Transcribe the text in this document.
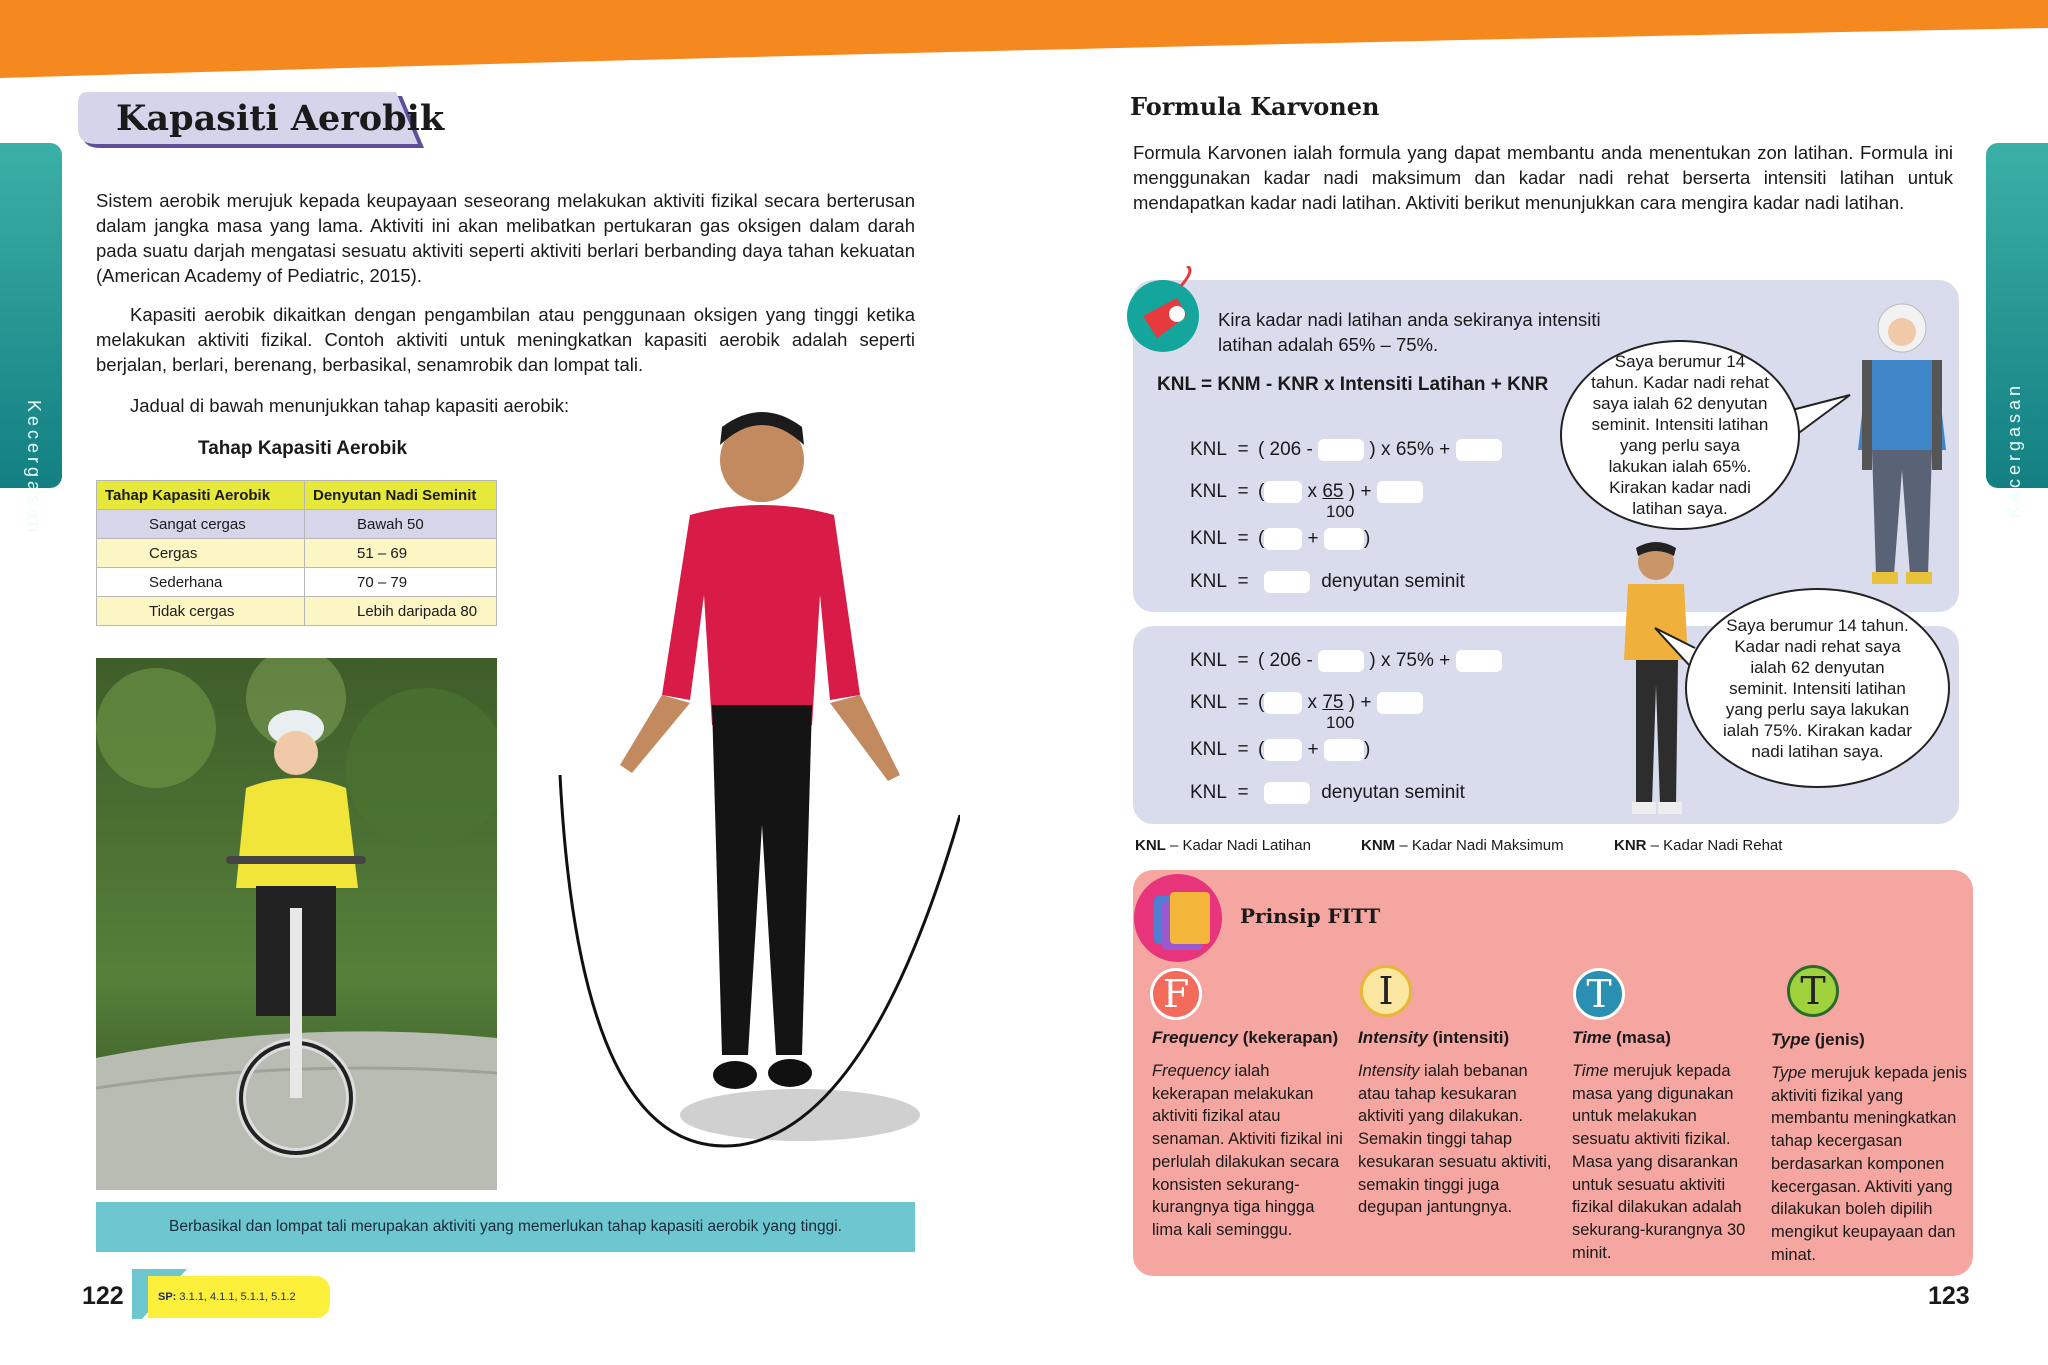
Kecergasan	Kecergasan
Kapasiti Aerobik

Sistem aerobik merujuk kepada keupayaan seseorang melakukan aktiviti fizikal secara berterusan dalam jangka masa yang lama. Aktiviti ini akan melibatkan pertukaran gas oksigen dalam darah pada suatu darjah mengatasi sesuatu aktiviti seperti aktiviti berlari berbanding daya tahan kekuatan (American Academy of Pediatric, 2015).

Kapasiti aerobik dikaitkan dengan pengambilan atau penggunaan oksigen yang tinggi ketika melakukan aktiviti fizikal. Contoh aktiviti untuk meningkatkan kapasiti aerobik adalah seperti berjalan, berlari, berenang, berbasikal, senamrobik dan lompat tali.

Jadual di bawah menunjukkan tahap kapasiti aerobik:

Tahap Kapasiti Aerobik
Tahap Kapasiti Aerobik	Denyutan Nadi Seminit
Sangat cergas	Bawah 50
Cergas	51 – 69
Sederhana	70 – 79
Tidak cergas	Lebih daripada 80
Berbasikal dan lompat tali merupakan aktiviti yang memerlukan tahap kapasiti aerobik yang tinggi.
122	SP:
3.1.1, 4.1.1, 5.1.1, 5.1.2
Formula Karvonen

Formula Karvonen ialah formula yang dapat membantu anda menentukan zon latihan. Formula ini menggunakan kadar nadi maksimum dan kadar nadi rehat berserta intensiti latihan untuk mendapatkan kadar nadi latihan. Aktiviti berikut menunjukkan cara mengira kadar nadi latihan.

Kira kadar nadi latihan anda sekiranya intensiti
latihan adalah 65% – 75%.
KNL = KNM - KNR x Intensiti Latihan + KNR
KNL = ( 206 -	) x 65% +
KNL = ( x 65 ) +
100
KNL = ( + )
KNL =	denyutan seminit
KNL = ( 206 -	) x 75% +
KNL = ( x 75 ) +
100
KNL = ( + )
KNL =	denyutan seminit
Saya berumur 14 tahun. Kadar nadi rehat saya ialah 62 denyutan seminit. Intensiti latihan yang perlu saya lakukan ialah 65%. Kirakan kadar nadi latihan saya.
Saya berumur 14 tahun. Kadar nadi rehat saya ialah 62 denyutan seminit. Intensiti latihan yang perlu saya lakukan ialah 75%. Kirakan kadar nadi latihan saya.
KNL – Kadar Nadi Latihan	KNM – Kadar Nadi Maksimum	KNR – Kadar Nadi Rehat
Prinsip FITT
F
Frequency (kekerapan)
Frequency ialah kekerapan melakukan aktiviti fizikal atau senaman. Aktiviti fizikal ini perlulah dilakukan secara konsisten sekurang-kurangnya tiga hingga lima kali seminggu.
I
Intensity (intensiti)
Intensity ialah bebanan atau tahap kesukaran aktiviti yang dilakukan. Semakin tinggi tahap kesukaran sesuatu aktiviti, semakin tinggi juga degupan jantungnya.
T
Time (masa)
Time merujuk kepada masa yang digunakan untuk melakukan sesuatu aktiviti fizikal. Masa yang disarankan untuk sesuatu aktiviti fizikal dilakukan adalah sekurang-kurangnya 30 minit.
T
Type (jenis)
Type merujuk kepada jenis aktiviti fizikal yang membantu meningkatkan tahap kecergasan berdasarkan komponen kecergasan. Aktiviti yang dilakukan boleh dipilih mengikut keupayaan dan minat.
123
